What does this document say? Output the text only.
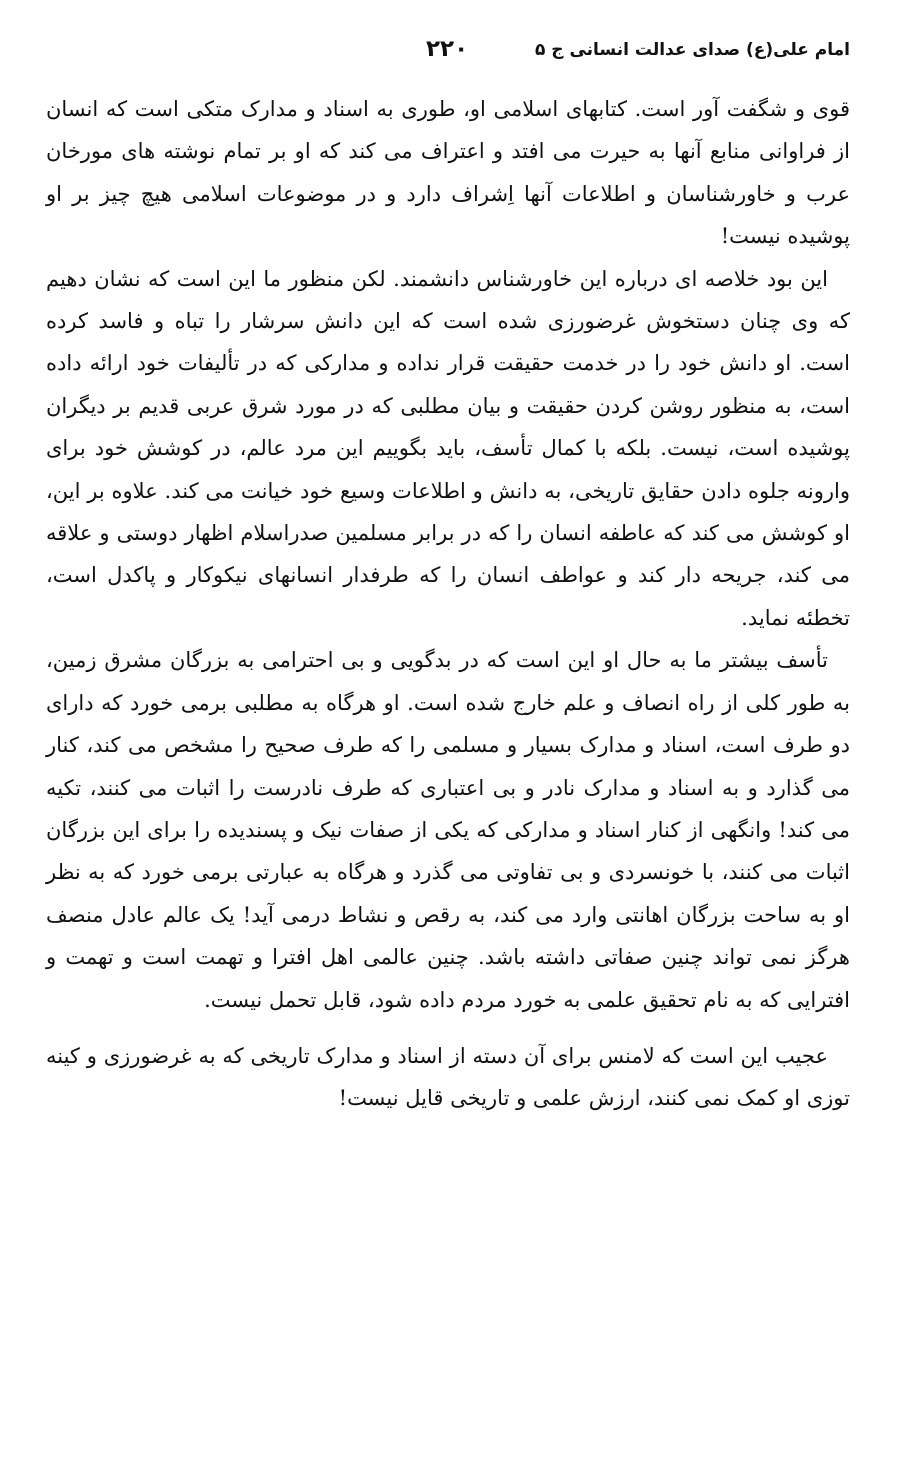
امام علی(ع) صدای عدالت انسانی ج ۵
۲۲۰

قوی و شگفت آور است. کتابهای اسلامی او، طوری به اسناد و مدارک متکی است که انسان از فراوانی منابع آنها به حیرت می افتد و اعتراف می کند که او بر تمام نوشته های مورخان عرب و خاورشناسان و اطلاعات آنها اِشراف دارد و در موضوعات اسلامی هیچ چیز بر او پوشیده نیست!

این بود خلاصه ای درباره این خاورشناس دانشمند. لکن منظور ما این است که نشان دهیم که وی چنان دستخوش غرضورزی شده است که این دانش سرشار را تباه و فاسد کرده است. او دانش خود را در خدمت حقیقت قرار نداده و مدارکی که در تألیفات خود ارائه داده است، به منظور روشن کردن حقیقت و بیان مطلبی که در مورد شرق عربی قدیم بر دیگران پوشیده است، نیست. بلکه با کمال تأسف، باید بگوییم این مرد عالم، در کوشش خود برای وارونه جلوه دادن حقایق تاریخی، به دانش و اطلاعات وسیع خود خیانت می کند. علاوه بر این، او کوشش می کند که عاطفه انسان را که در برابر مسلمین صدراسلام اظهار دوستی و علاقه می کند، جریحه دار کند و عواطف انسان را که طرفدار انسانهای نیکوکار و پاکدل است، تخطئه نماید.

تأسف بیشتر ما به حال او این است که در بدگویی و بی احترامی به بزرگان مشرق زمین، به طور کلی از راه انصاف و علم خارج شده است. او هرگاه به مطلبی برمی خورد که دارای دو طرف است، اسناد و مدارک بسیار و مسلمی را که طرف صحیح را مشخص می کند، کنار می گذارد و به اسناد و مدارک نادر و بی اعتباری که طرف نادرست را اثبات می کنند، تکیه می کند! وانگهی از کنار اسناد و مدارکی که یکی از صفات نیک و پسندیده را برای این بزرگان اثبات می کنند، با خونسردی و بی تفاوتی می گذرد و هرگاه به عبارتی برمی خورد که به نظر او به ساحت بزرگان اهانتی وارد می کند، به رقص و نشاط درمی آید! یک عالم عادل منصف هرگز نمی تواند چنین صفاتی داشته باشد. چنین عالمی اهل افترا و تهمت است و تهمت و افترایی که به نام تحقیق علمی به خورد مردم داده شود، قابل تحمل نیست.

عجیب این است که لامنس برای آن دسته از اسناد و مدارک تاریخی که به غرضورزی و کینه توزی او کمک نمی کنند، ارزش علمی و تاریخی قایل نیست!
